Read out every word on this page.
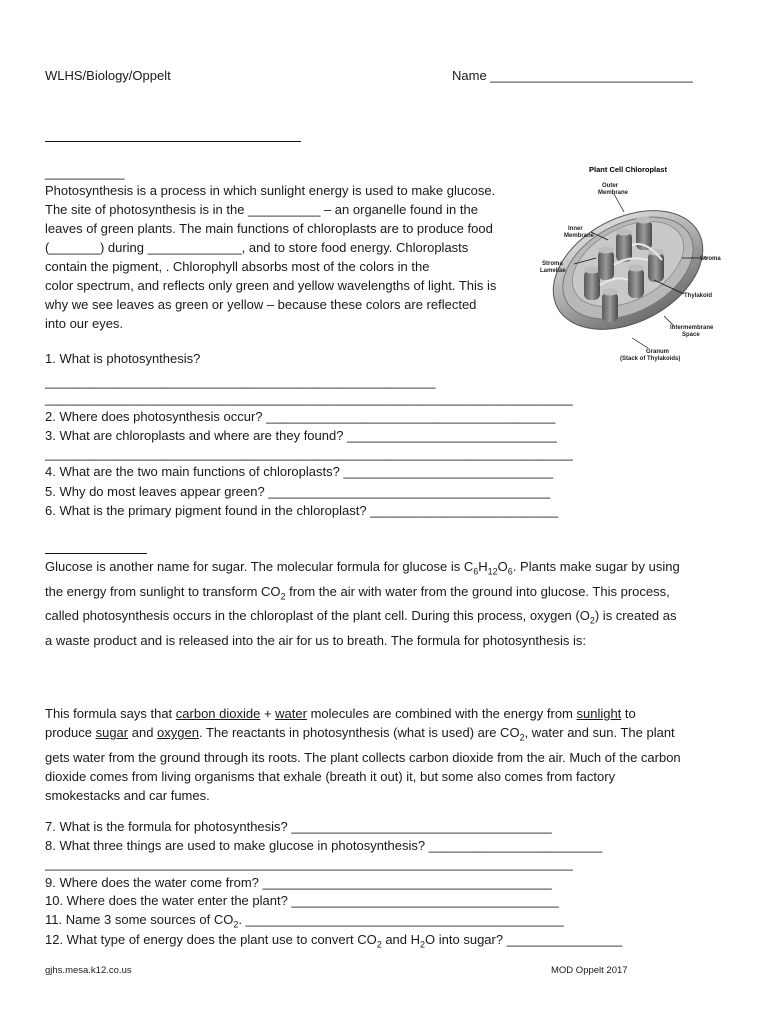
WLHS/Biology/Oppelt	Name ____________________________
___________
Photosynthesis is a process in which sunlight energy is used to make glucose.
The site of photosynthesis is in the __________ – an organelle found in the
leaves of green plants. The main functions of chloroplasts are to produce food
(_______) during _____________, and to store food energy. Chloroplasts
contain the pigment, . Chlorophyll absorbs most of the colors in the
color spectrum, and reflects only green and yellow wavelengths of light. This is
why we see leaves as green or yellow – because these colors are reflected
into our eyes.
Plant Cell Chloroplast
Outer
Membrane
Inner
Membrane
Stroma
Lamellae
Stroma
Thylakoid
Intermembrane
Space
Granum
(Stack of Thylakoids)
1. What is photosynthesis?
______________________________________________________
_________________________________________________________________________
2. Where does photosynthesis occur? ________________________________________
3. What are chloroplasts and where are they found? _____________________________
_________________________________________________________________________
4. What are the two main functions of chloroplasts? _____________________________
5. Why do most leaves appear green? _______________________________________
6. What is the primary pigment found in the chloroplast? __________________________
Glucose is another name for sugar. The molecular formula for glucose is $C_6H_{12}O_6$. Plants make sugar by using
the energy from sunlight to transform $CO_2$ from the air with water from the ground into glucose. This process,
called photosynthesis occurs in the chloroplast of the plant cell. During this process, oxygen $(O_2)$ is created as
a waste product and is released into the air for us to breath. The formula for photosynthesis is:
This formula says that carbon dioxide + water molecules are combined with the energy from sunlight to
produce sugar and oxygen. The reactants in photosynthesis (what is used) are $CO_2$, water and sun. The plant
gets water from the ground through its roots. The plant collects carbon dioxide from the air. Much of the carbon
dioxide comes from living organisms that exhale (breath it out) it, but some also comes from factory
smokestacks and car fumes.
7. What is the formula for photosynthesis? ____________________________________
8. What three things are used to make glucose in photosynthesis? ________________________
_________________________________________________________________________
9. Where does the water come from? ________________________________________
10. Where does the water enter the plant? _____________________________________
11. Name 3 some sources of $CO_2$. ____________________________________________
12. What type of energy does the plant use to convert $CO_2$ and $H_2O$ into sugar? ________________
gjhs.mesa.k12.co.us	MOD Oppelt 2017
